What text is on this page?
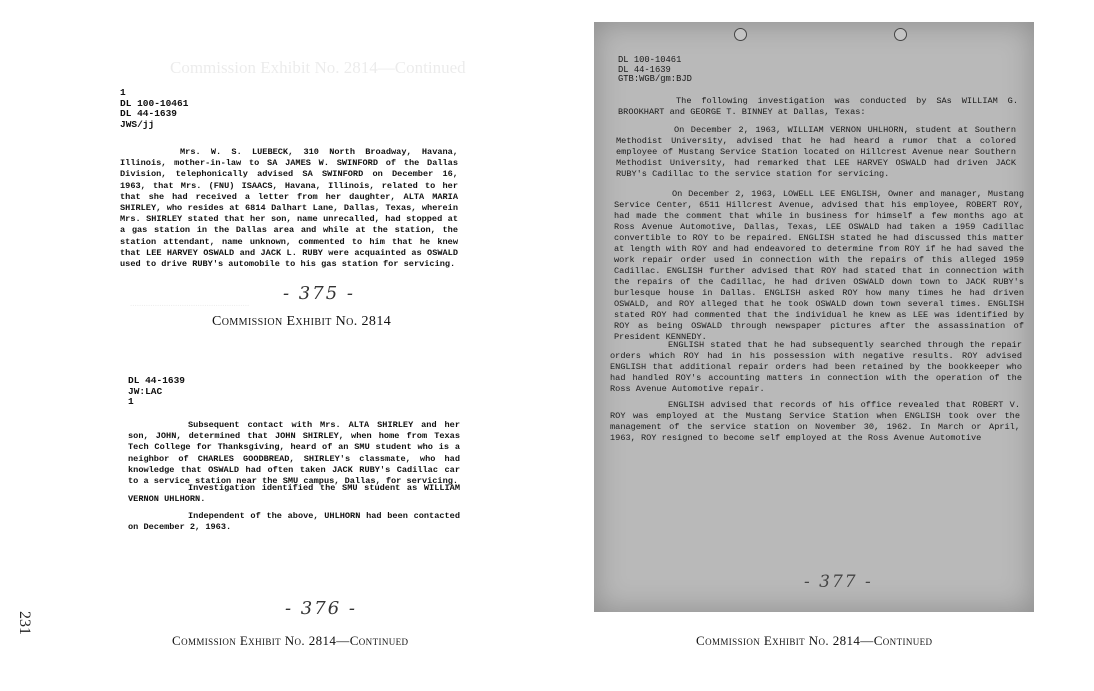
Commission Exhibit No. 2814—Continued
1
DL 100-10461
DL 44-1639
JWS/jj
Mrs. W. S. LUEBECK, 310 North Broadway, Havana, Illinois, mother-in-law to SA JAMES W. SWINFORD of the Dallas Division, telephonically advised SA SWINFORD on December 16, 1963, that Mrs. (FNU) ISAACS, Havana, Illinois, related to her that she had received a letter from her daughter, ALTA MARIA SHIRLEY, who resides at 6814 Dalhart Lane, Dallas, Texas, wherein Mrs. SHIRLEY stated that her son, name unrecalled, had stopped at a gas station in the Dallas area and while at the station, the station attendant, name unknown, commented to him that he knew that LEE HARVEY OSWALD and JACK L. RUBY were acquainted as OSWALD used to drive RUBY's automobile to his gas station for servicing.
- 375 -
Commission Exhibit No. 2814
.....................................................
DL 44-1639
JW:LAC
1
Subsequent contact with Mrs. ALTA SHIRLEY and her son, JOHN, determined that JOHN SHIRLEY, when home from Texas Tech College for Thanksgiving, heard of an SMU student who is a neighbor of CHARLES GOODBREAD, SHIRLEY's classmate, who had knowledge that OSWALD had often taken JACK RUBY's Cadillac car to a service station near the SMU campus, Dallas, for servicing.
Investigation identified the SMU student as WILLIAM VERNON UHLHORN.
Independent of the above, UHLHORN had been contacted on December 2, 1963.
- 376 -
Commission Exhibit No. 2814—Continued
231
DL 100-10461
DL 44-1639
GTB:WGB/gm:BJD
The following investigation was conducted by SAs WILLIAM G. BROOKHART and GEORGE T. BINNEY at Dallas, Texas:
On December 2, 1963, WILLIAM VERNON UHLHORN, student at Southern Methodist University, advised that he had heard a rumor that a colored employee of Mustang Service Station located on Hillcrest Avenue near Southern Methodist University, had remarked that LEE HARVEY OSWALD had driven JACK RUBY's Cadillac to the service station for servicing.
On December 2, 1963, LOWELL LEE ENGLISH, Owner and manager, Mustang Service Center, 6511 Hillcrest Avenue, advised that his employee, ROBERT ROY, had made the comment that while in business for himself a few months ago at Ross Avenue Automotive, Dallas, Texas, LEE OSWALD had taken a 1959 Cadillac convertible to ROY to be repaired. ENGLISH stated he had discussed this matter at length with ROY and had endeavored to determine from ROY if he had saved the work repair order used in connection with the repairs of this alleged 1959 Cadillac. ENGLISH further advised that ROY had stated that in connection with the repairs of the Cadillac, he had driven OSWALD down town to JACK RUBY's burlesque house in Dallas. ENGLISH asked ROY how many times he had driven OSWALD, and ROY alleged that he took OSWALD down town several times. ENGLISH stated ROY had commented that the individual he knew as LEE was identified by ROY as being OSWALD through newspaper pictures after the assassination of President KENNEDY.
ENGLISH stated that he had subsequently searched through the repair orders which ROY had in his possession with negative results. ROY advised ENGLISH that additional repair orders had been retained by the bookkeeper who had handled ROY's accounting matters in connection with the operation of the Ross Avenue Automotive repair.
ENGLISH advised that records of his office revealed that ROBERT V. ROY was employed at the Mustang Service Station when ENGLISH took over the management of the service station on November 30, 1962. In March or April, 1963, ROY resigned to become self employed at the Ross Avenue Automotive
- 377 -
Commission Exhibit No. 2814—Continued
